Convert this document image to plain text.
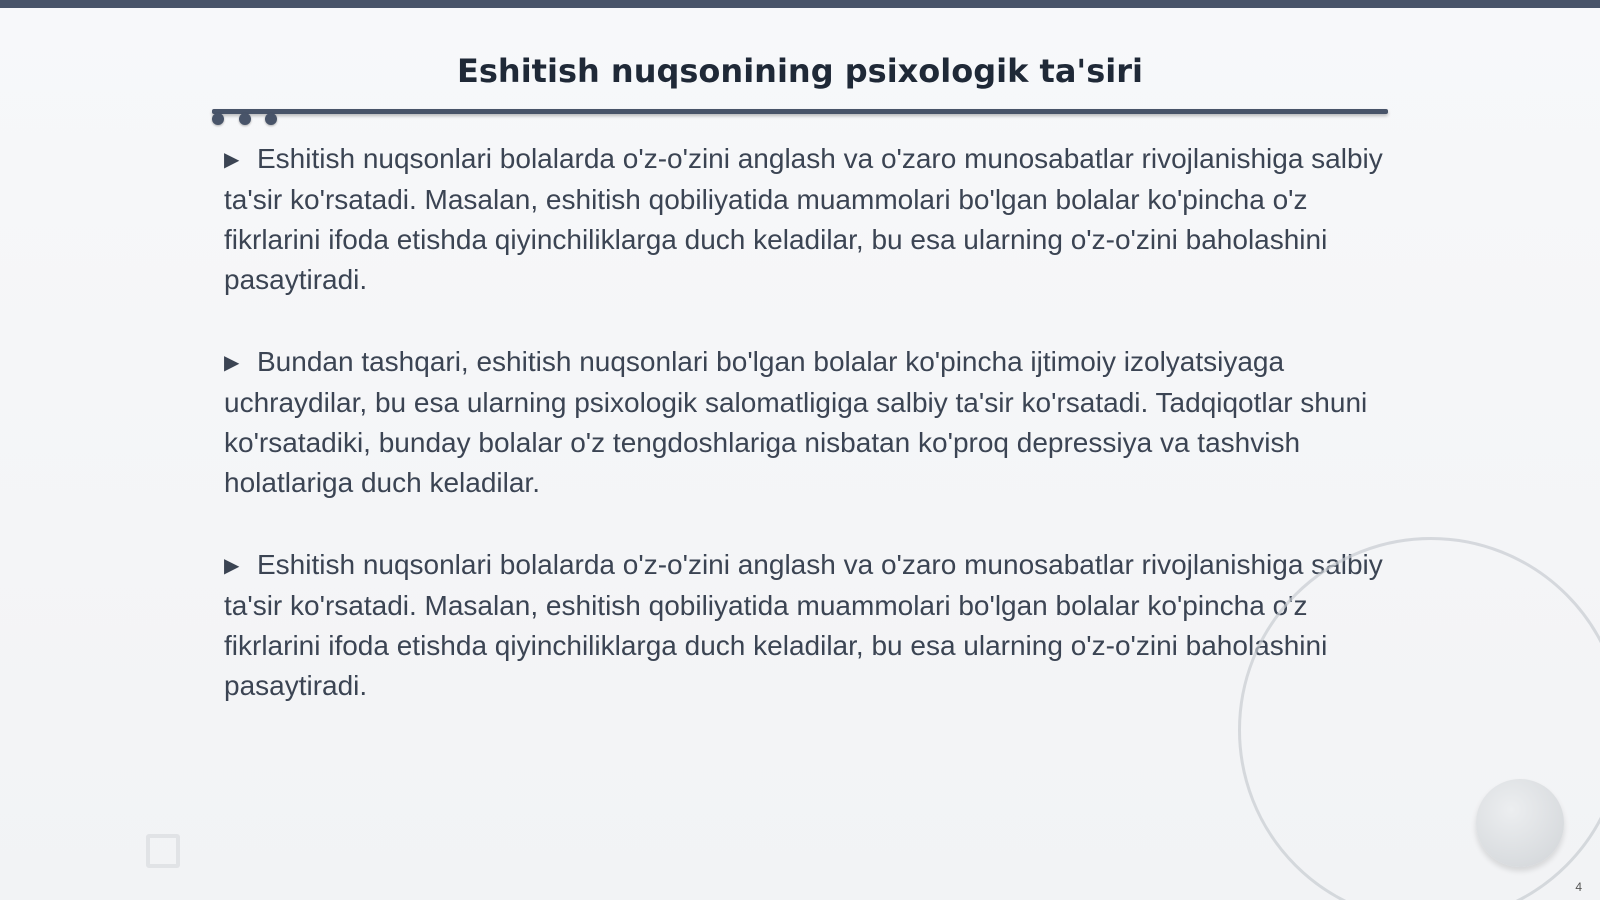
Eshitish nuqsonining psixologik ta'siri

▶ Eshitish nuqsonlari bolalarda o'z-o'zini anglash va o'zaro munosabatlar rivojlanishiga salbiy ta'sir ko'rsatadi. Masalan, eshitish qobiliyatida muammolari bo'lgan bolalar ko'pincha o'z fikrlarini ifoda etishda qiyinchiliklarga duch keladilar, bu esa ularning o'z-o'zini baholashini pasaytiradi.

▶ Bundan tashqari, eshitish nuqsonlari bo'lgan bolalar ko'pincha ijtimoiy izolyatsiyaga uchraydilar, bu esa ularning psixologik salomatligiga salbiy ta'sir ko'rsatadi. Tadqiqotlar shuni ko'rsatadiki, bunday bolalar o'z tengdoshlariga nisbatan ko'proq depressiya va tashvish holatlariga duch keladilar.

▶ Eshitish nuqsonlari bolalarda o'z-o'zini anglash va o'zaro munosabatlar rivojlanishiga salbiy ta'sir ko'rsatadi. Masalan, eshitish qobiliyatida muammolari bo'lgan bolalar ko'pincha o'z fikrlarini ifoda etishda qiyinchiliklarga duch keladilar, bu esa ularning o'z-o'zini baholashini pasaytiradi.

4
